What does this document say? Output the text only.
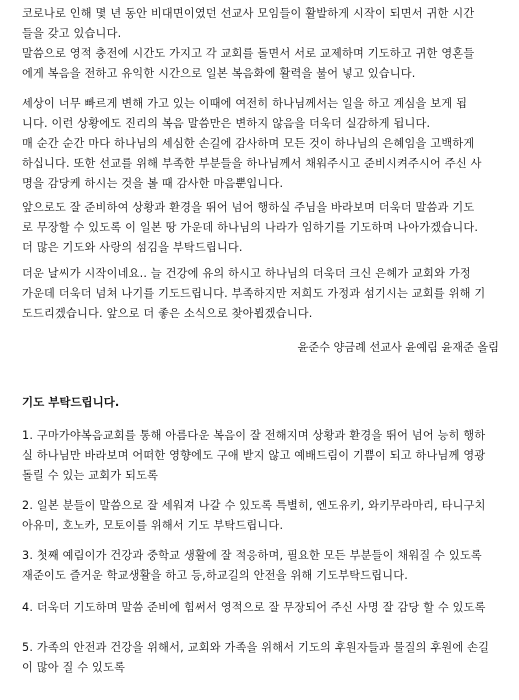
코로나로 인해 몇 년 동안 비대면이였던 선교사 모임들이 활발하게 시작이 되면서 귀한 시간
들을 갖고 있습니다.

말씀으로 영적 충전에 시간도 가지고 각 교회를 돌면서 서로 교제하며 기도하고 귀한 영혼들
에게 복음을 전하고 유익한 시간으로 일본 복음화에 활력을 불어 넣고 있습니다.

세상이 너무 빠르게 변해 가고 있는 이때에 여전히 하나님께서는 일을 하고 계심을 보게 됩
니다. 이런 상황에도 진리의 복음 말씀만은 변하지 않음을 더욱더 실감하게 됩니다.
매 순간 순간 마다 하나님의 세심한 손길에 감사하며 모든 것이 하나님의 은혜임을 고백하게
하십니다. 또한 선교를 위해 부족한 부분들을 하나님께서 채워주시고 준비시켜주시어 주신 사
명을 감당케 하시는 것을 볼 때 감사한 마음뿐입니다.

앞으로도 잘 준비하여 상황과 환경을 뛰어 넘어 행하실 주님을 바라보며 더욱더 말씀과 기도
로 무장할 수 있도록 이 일본 땅 가운데 하나님의 나라가 임하기를 기도하며 나아가겠습니다.
더 많은 기도와 사랑의 섬김을 부탁드립니다.

더운 날씨가 시작이네요.. 늘 건강에 유의 하시고 하나님의 더욱더 크신 은혜가 교회와 가정
가운데 더욱더 넘쳐 나기를 기도드립니다. 부족하지만 저희도 가정과 섬기시는 교회를 위해 기
도드리겠습니다. 앞으로 더 좋은 소식으로 찾아뵙겠습니다.

윤준수 양금례 선교사 윤예림 윤재준 올림
기도 부탁드립니다.

1. 구마가야복음교회를 통해 아름다운 복음이 잘 전해지며 상황과 환경을 뛰어 넘어 능히 행하
실 하나님만 바라보며 어떠한 영향에도 구애 받지 않고 예배드림이 기쁨이 되고 하나님께 영광
돌릴 수 있는 교회가 되도록

2. 일본 분들이 말씀으로 잘 세워져 나갈 수 있도록 특별히, 엔도유키, 와키무라마리, 타니구치
아유미, 호노카, 모토이를 위해서 기도 부탁드립니다.

3. 첫째 예림이가 건강과 중학교 생활에 잘 적응하며, 필요한 모든 부분들이 채워질 수 있도록
재준이도 즐거운 학교생활을 하고 등,하교길의 안전을 위해 기도부탁드립니다.

4. 더욱더 기도하며 말씀 준비에 힘써서 영적으로 잘 무장되어 주신 사명 잘 감당 할 수 있도록

5. 가족의 안전과 건강을 위해서, 교회와 가족을 위해서 기도의 후원자들과 물질의 후원에 손길
이 많아 질 수 있도록
